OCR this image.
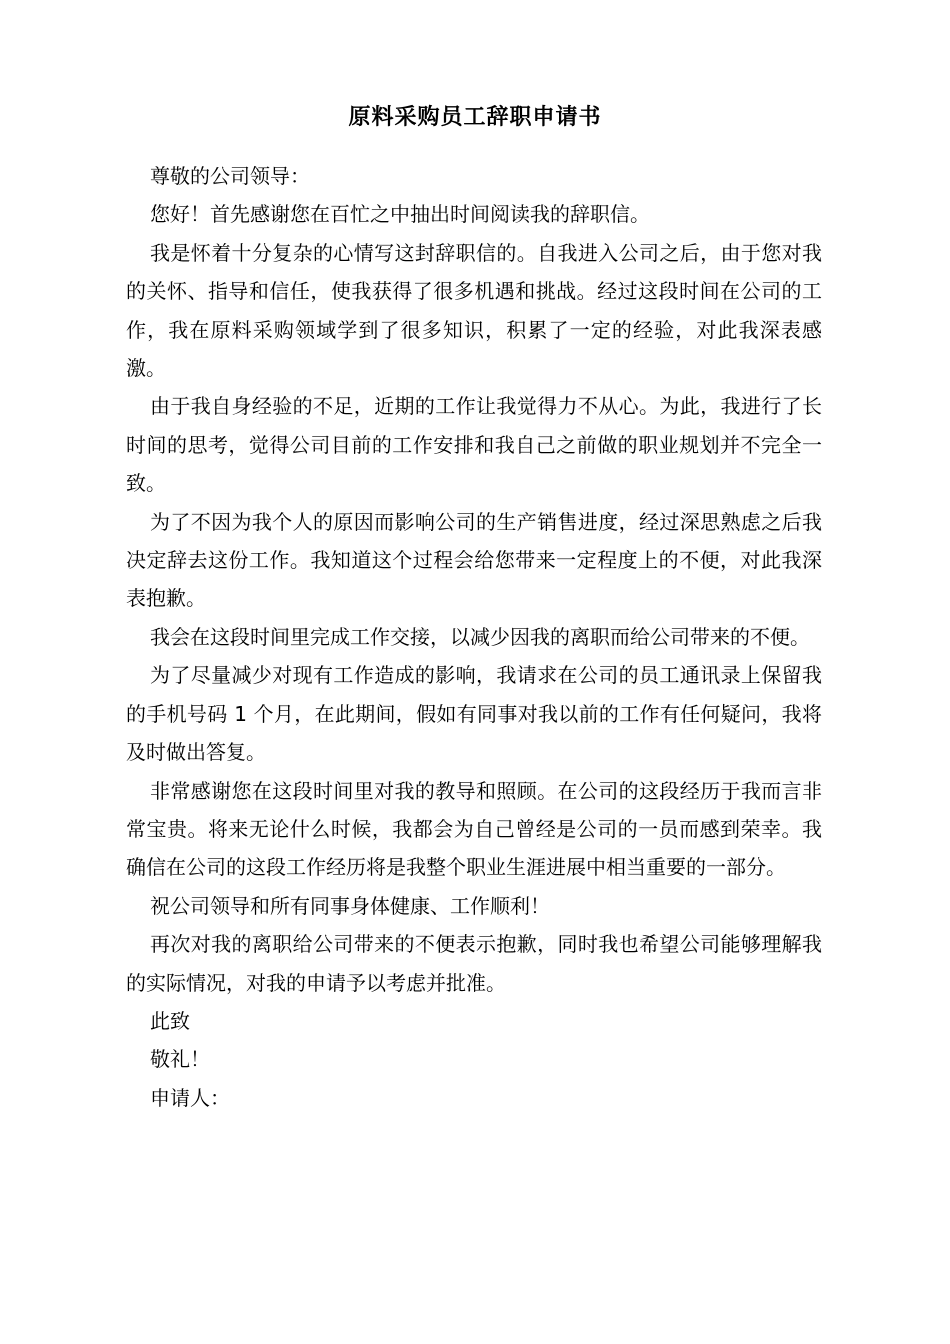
原料采购员工辞职申请书

尊敬的公司领导：

您好！首先感谢您在百忙之中抽出时间阅读我的辞职信。

我是怀着十分复杂的心情写这封辞职信的。自我进入公司之后，由于您对我的关怀、指导和信任，使我获得了很多机遇和挑战。经过这段时间在公司的工作，我在原料采购领域学到了很多知识，积累了一定的经验，对此我深表感激。

由于我自身经验的不足，近期的工作让我觉得力不从心。为此，我进行了长时间的思考，觉得公司目前的工作安排和我自己之前做的职业规划并不完全一致。

为了不因为我个人的原因而影响公司的生产销售进度，经过深思熟虑之后我决定辞去这份工作。我知道这个过程会给您带来一定程度上的不便，对此我深表抱歉。

我会在这段时间里完成工作交接，以减少因我的离职而给公司带来的不便。

为了尽量减少对现有工作造成的影响，我请求在公司的员工通讯录上保留我的手机号码 1 个月，在此期间，假如有同事对我以前的工作有任何疑问，我将及时做出答复。

非常感谢您在这段时间里对我的教导和照顾。在公司的这段经历于我而言非常宝贵。将来无论什么时候，我都会为自己曾经是公司的一员而感到荣幸。我确信在公司的这段工作经历将是我整个职业生涯进展中相当重要的一部分。

祝公司领导和所有同事身体健康、工作顺利！

再次对我的离职给公司带来的不便表示抱歉，同时我也希望公司能够理解我的实际情况，对我的申请予以考虑并批准。

此致

敬礼！

申请人：
